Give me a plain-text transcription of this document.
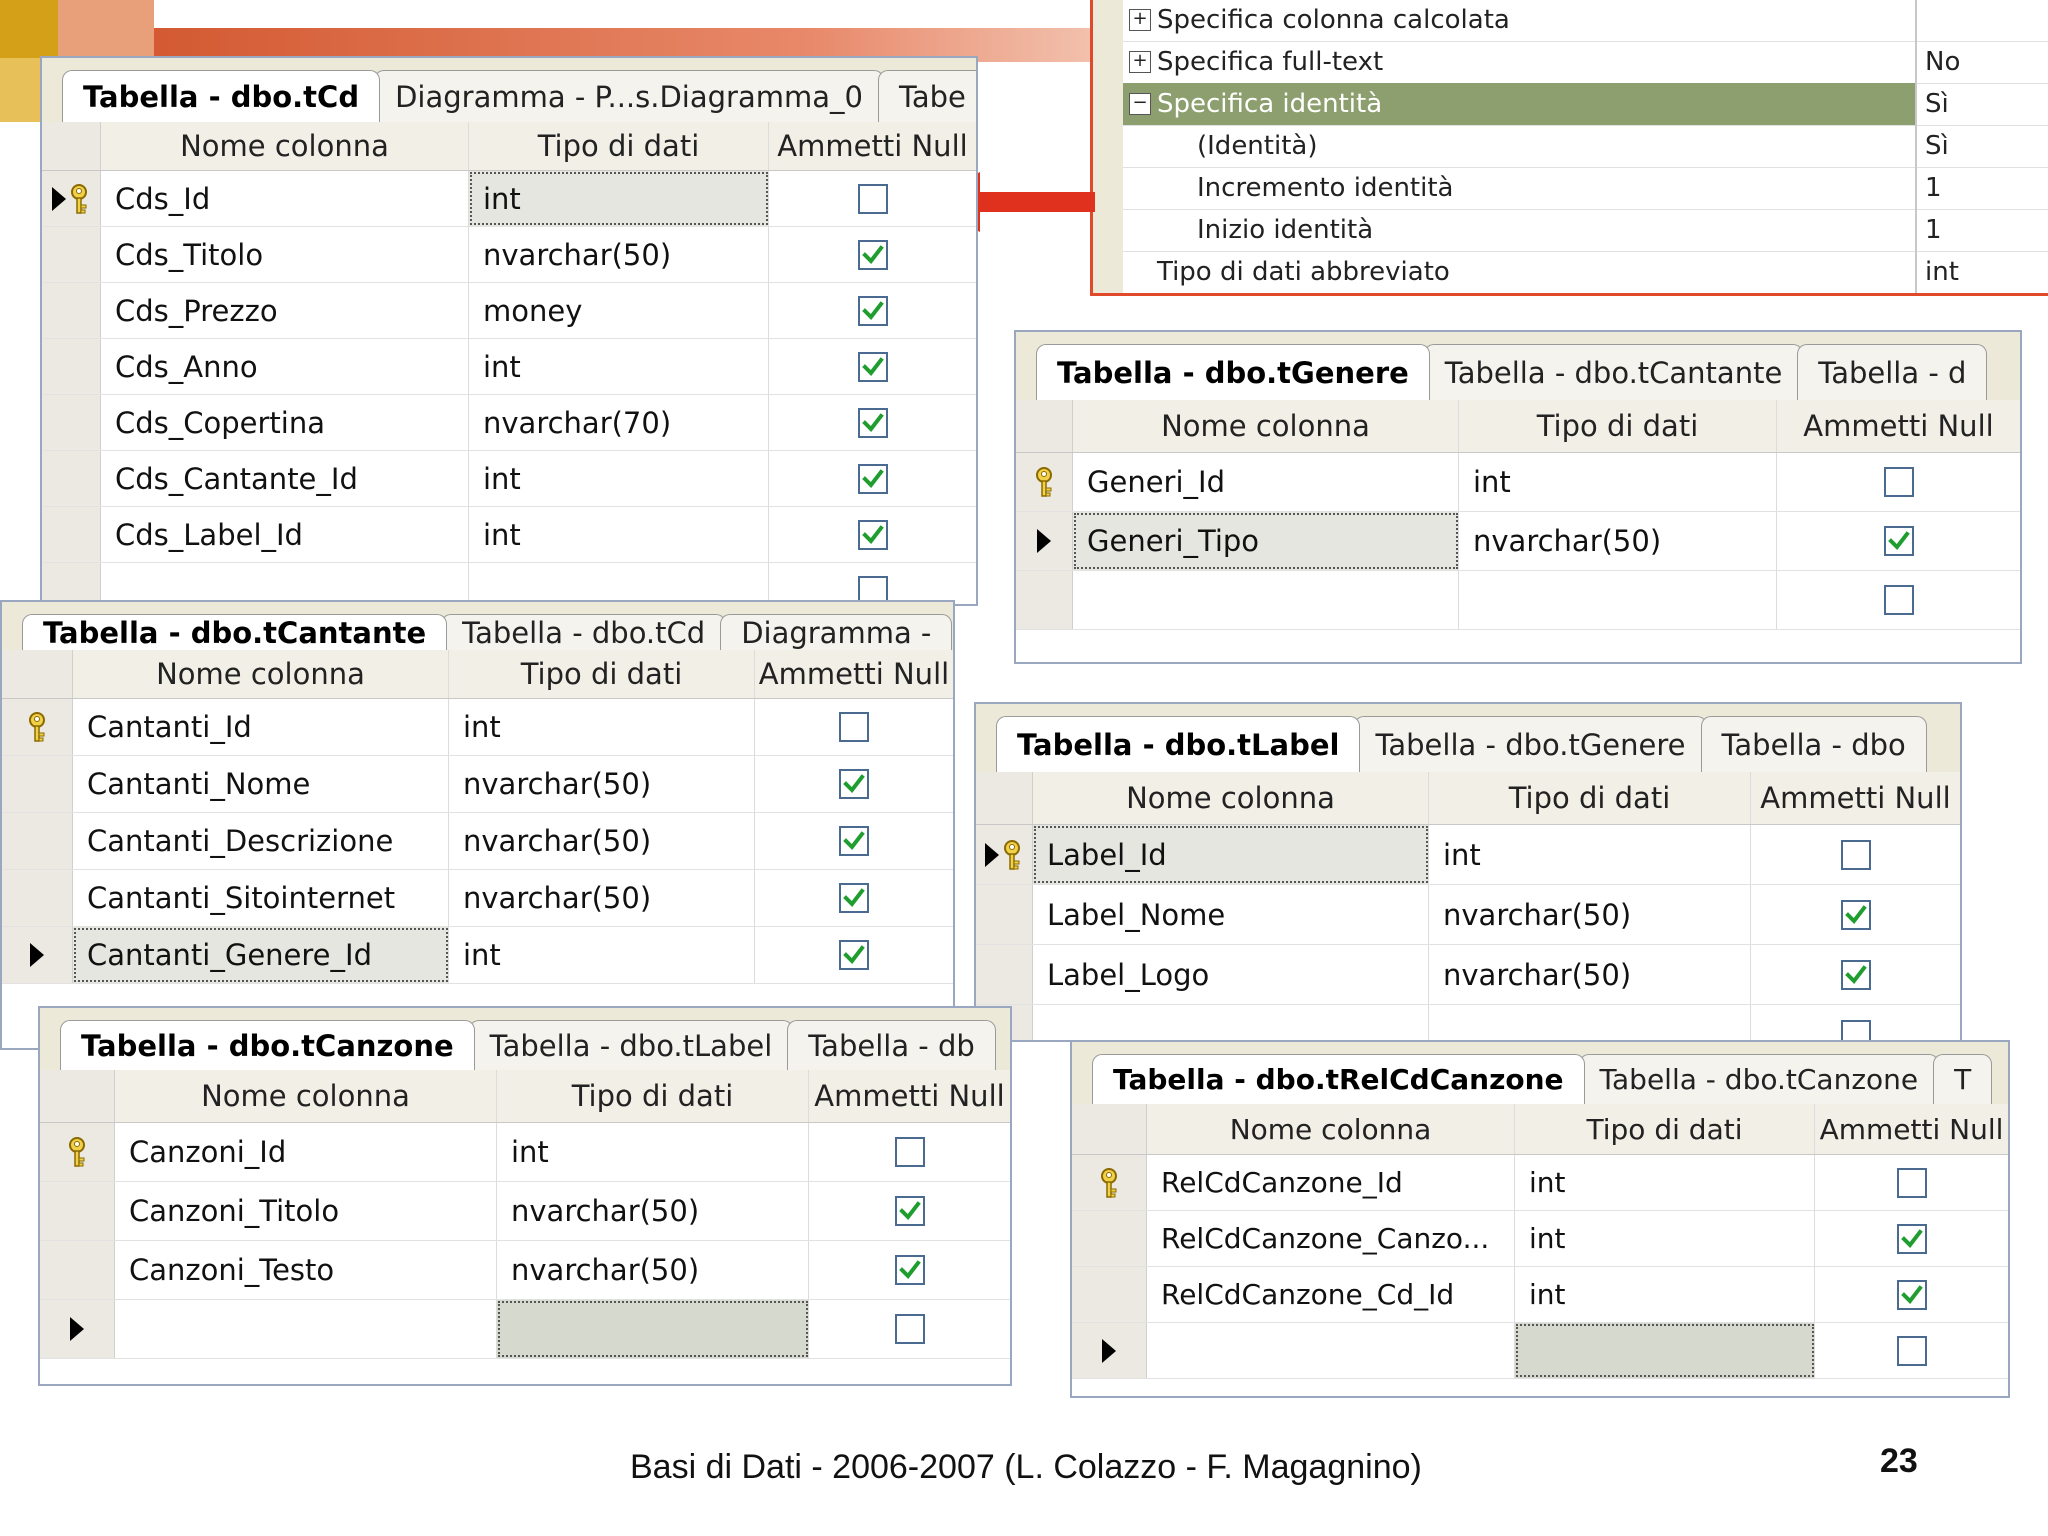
+ Specifica colonna calcolata
+ Specifica full-text	No
− Specifica identità	Sì
(Identità)	Sì
Incremento identità	1
Inizio identità	1
Tipo di dati abbreviato	int
Tabella - dbo.tCd Diagramma - P...s.Diagramma_0 Tabe
Nome colonna	Tipo di dati	Ammetti Null
Cds_Id	int
Cds_Titolo	nvarchar(50)
Cds_Prezzo	money
Cds_Anno	int
Cds_Copertina	nvarchar(70)
Cds_Cantante_Id	int
Cds_Label_Id	int
Tabella - dbo.tCantante Tabella - dbo.tCd Diagramma -
Nome colonna	Tipo di dati	Ammetti Null
Cantanti_Id	int
Cantanti_Nome	nvarchar(50)
Cantanti_Descrizione	nvarchar(50)
Cantanti_Sitointernet	nvarchar(50)
Cantanti_Genere_Id	int
Tabella - dbo.tGenere Tabella - dbo.tCantante Tabella - d
Nome colonna	Tipo di dati	Ammetti Null
Generi_Id	int
Generi_Tipo	nvarchar(50)
Tabella - dbo.tLabel Tabella - dbo.tGenere Tabella - dbo
Nome colonna	Tipo di dati	Ammetti Null
Label_Id	int
Label_Nome	nvarchar(50)
Label_Logo	nvarchar(50)
Tabella - dbo.tCanzone Tabella - dbo.tLabel Tabella - db
Nome colonna	Tipo di dati	Ammetti Null
Canzoni_Id	int
Canzoni_Titolo	nvarchar(50)
Canzoni_Testo	nvarchar(50)
Tabella - dbo.tRelCdCanzone Tabella - dbo.tCanzone T
Nome colonna	Tipo di dati	Ammetti Null
RelCdCanzone_Id	int
RelCdCanzone_Canzo...	int
RelCdCanzone_Cd_Id	int
Basi di Dati - 2006-2007 (L. Colazzo - F. Magagnino)	23
